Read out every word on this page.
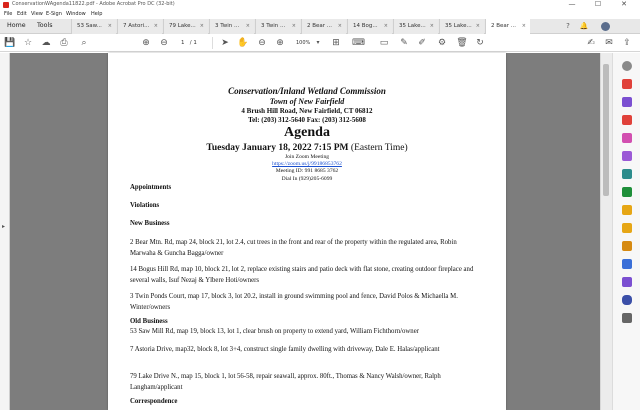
ConservationWAgenda11822.pdf - Adobe Acrobat Pro DC (32-bit)	—	☐	✕
File Edit View E-Sign Window Help
Home Tools	53 Saw... ×	7 Astori... ×	79 Lake... ×	3 Twin ... ×	3 Twin ... ×	2 Bear ... ×	14 Bog... ×	35 Lake... ×	35 Lake... ×	2 Bear ... ×	?	🔔
💾 ☆ ☁ ⎙	⌕	⊕ ⊖	1 / 1	➤ ✋ ⊖ ⊕	100%	▾	⊞ ⌨ ▭ ✎ ✐ ⚙ 🗑 ↻	✍ ✉ ⇪
▸
Conservation/Inland Wetland Commission
Town of New Fairfield
4 Brush Hill Road, New Fairfield, CT 06812
Tel: (203) 312-5640 Fax: (203) 312-5608
Agenda
Tuesday January 18, 2022 7:15 PM (Eastern Time)
Join Zoom Meeting
https://zoom.us/j/99186853762
Meeting ID: 991 8685 3762
Dial In (929)205-6099
Appointments
Violations
New Business
2 Bear Mtn. Rd, map 24, block 21, lot 2.4, cut trees in the front and rear of the property within the regulated area, Robin Marwaha & Guncha Bagga/owner
14 Bogus Hill Rd, map 10, block 21, lot 2, replace existing stairs and patio deck with flat stone, creating outdoor fireplace and several walls, Isuf Nezaj & Ylbere Hoti/owners
3 Twin Ponds Court, map 17, block 3, lot 20.2, install in ground swimming pool and fence, David Polos & Michaella M. Winter/owners
Old Business
53 Saw Mill Rd, map 19, block 13, lot 1, clear brush on property to extend yard, William Fichthorn/owner
7 Astoria Drive, map32, block 8, lot 3+4, construct single family dwelling with driveway, Dale E. Halas/applicant
79 Lake Drive N., map 15, block 1, lot 56-58, repair seawall, approx. 80ft., Thomas & Nancy Walsh/owner, Ralph Langham/applicant
Correspondence
